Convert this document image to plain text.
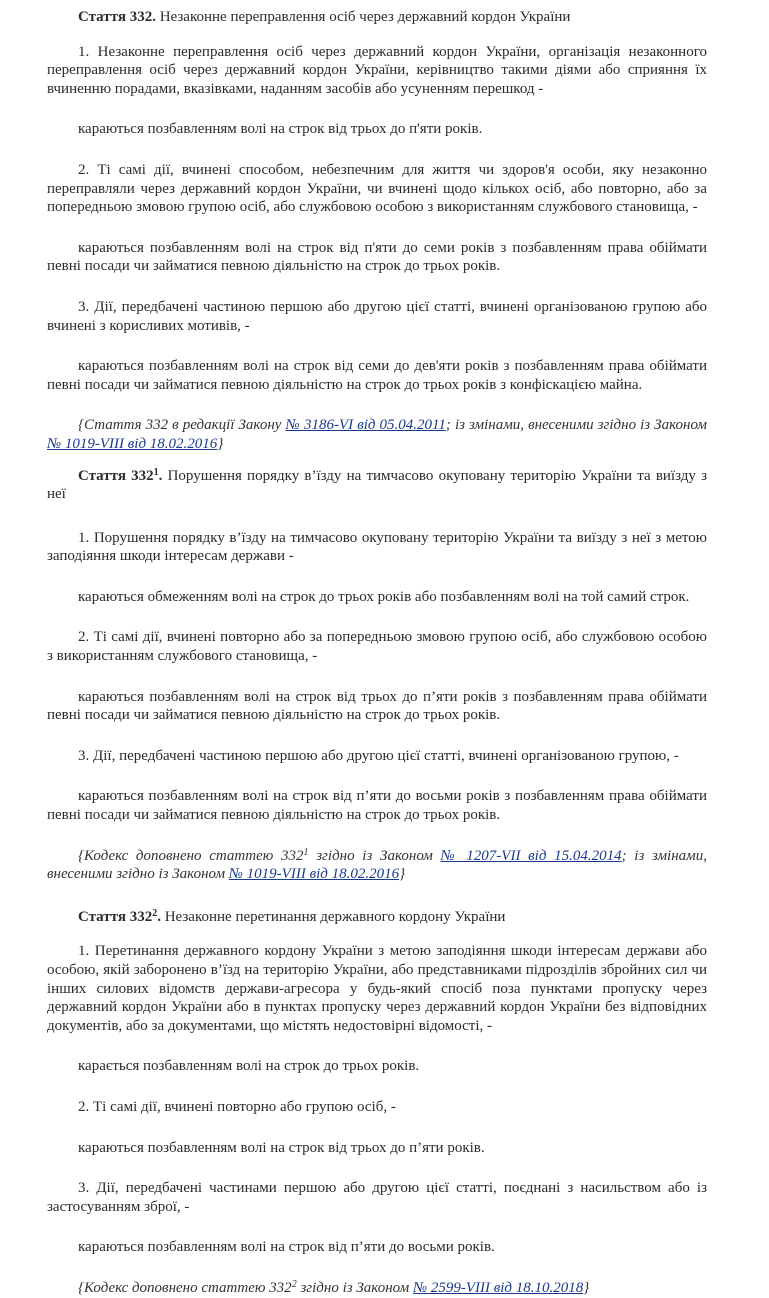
Стаття 332. Незаконне переправлення осіб через державний кордон України

1. Незаконне переправлення осіб через державний кордон України, організація незаконного переправлення осіб через державний кордон України, керівництво такими діями або сприяння їх вчиненню порадами, вказівками, наданням засобів або усуненням перешкод -

караються позбавленням волі на строк від трьох до п'яти років.

2. Ті самі дії, вчинені способом, небезпечним для життя чи здоров'я особи, яку незаконно переправляли через державний кордон України, чи вчинені щодо кількох осіб, або повторно, або за попередньою змовою групою осіб, або службовою особою з використанням службового становища, -

караються позбавленням волі на строк від п'яти до семи років з позбавленням права обіймати певні посади чи займатися певною діяльністю на строк до трьох років.

3. Дії, передбачені частиною першою або другою цієї статті, вчинені організованою групою або вчинені з корисливих мотивів, -

караються позбавленням волі на строк від семи до дев'яти років з позбавленням права обіймати певні посади чи займатися певною діяльністю на строк до трьох років з конфіскацією майна.

{Стаття 332 в редакції Закону № 3186-VI від 05.04.2011; із змінами, внесеними згідно із Законом № 1019-VIII від 18.02.2016}

Стаття $332^1$. Порушення порядку в’їзду на тимчасово окуповану територію України та виїзду з неї

1. Порушення порядку в’їзду на тимчасово окуповану територію України та виїзду з неї з метою заподіяння шкоди інтересам держави -

караються обмеженням волі на строк до трьох років або позбавленням волі на той самий строк.

2. Ті самі дії, вчинені повторно або за попередньою змовою групою осіб, або службовою особою з використанням службового становища, -

караються позбавленням волі на строк від трьох до п’яти років з позбавленням права обіймати певні посади чи займатися певною діяльністю на строк до трьох років.

3. Дії, передбачені частиною першою або другою цієї статті, вчинені організованою групою, -

караються позбавленням волі на строк від п’яти до восьми років з позбавленням права обіймати певні посади чи займатися певною діяльністю на строк до трьох років.

{Кодекс доповнено статтею $332^1$ згідно із Законом № 1207-VII від 15.04.2014; із змінами, внесеними згідно із Законом № 1019-VIII від 18.02.2016}

Стаття $332^2$. Незаконне перетинання державного кордону України

1. Перетинання державного кордону України з метою заподіяння шкоди інтересам держави або особою, якій заборонено в’їзд на територію України, або представниками підрозділів збройних сил чи інших силових відомств держави-агресора у будь-який спосіб поза пунктами пропуску через державний кордон України або в пунктах пропуску через державний кордон України без відповідних документів, або за документами, що містять недостовірні відомості, -

карається позбавленням волі на строк до трьох років.

2. Ті самі дії, вчинені повторно або групою осіб, -

караються позбавленням волі на строк від трьох до п’яти років.

3. Дії, передбачені частинами першою або другою цієї статті, поєднані з насильством або із застосуванням зброї, -

караються позбавленням волі на строк від п’яти до восьми років.

{Кодекс доповнено статтею $332^2$ згідно із Законом № 2599-VIII від 18.10.2018}
